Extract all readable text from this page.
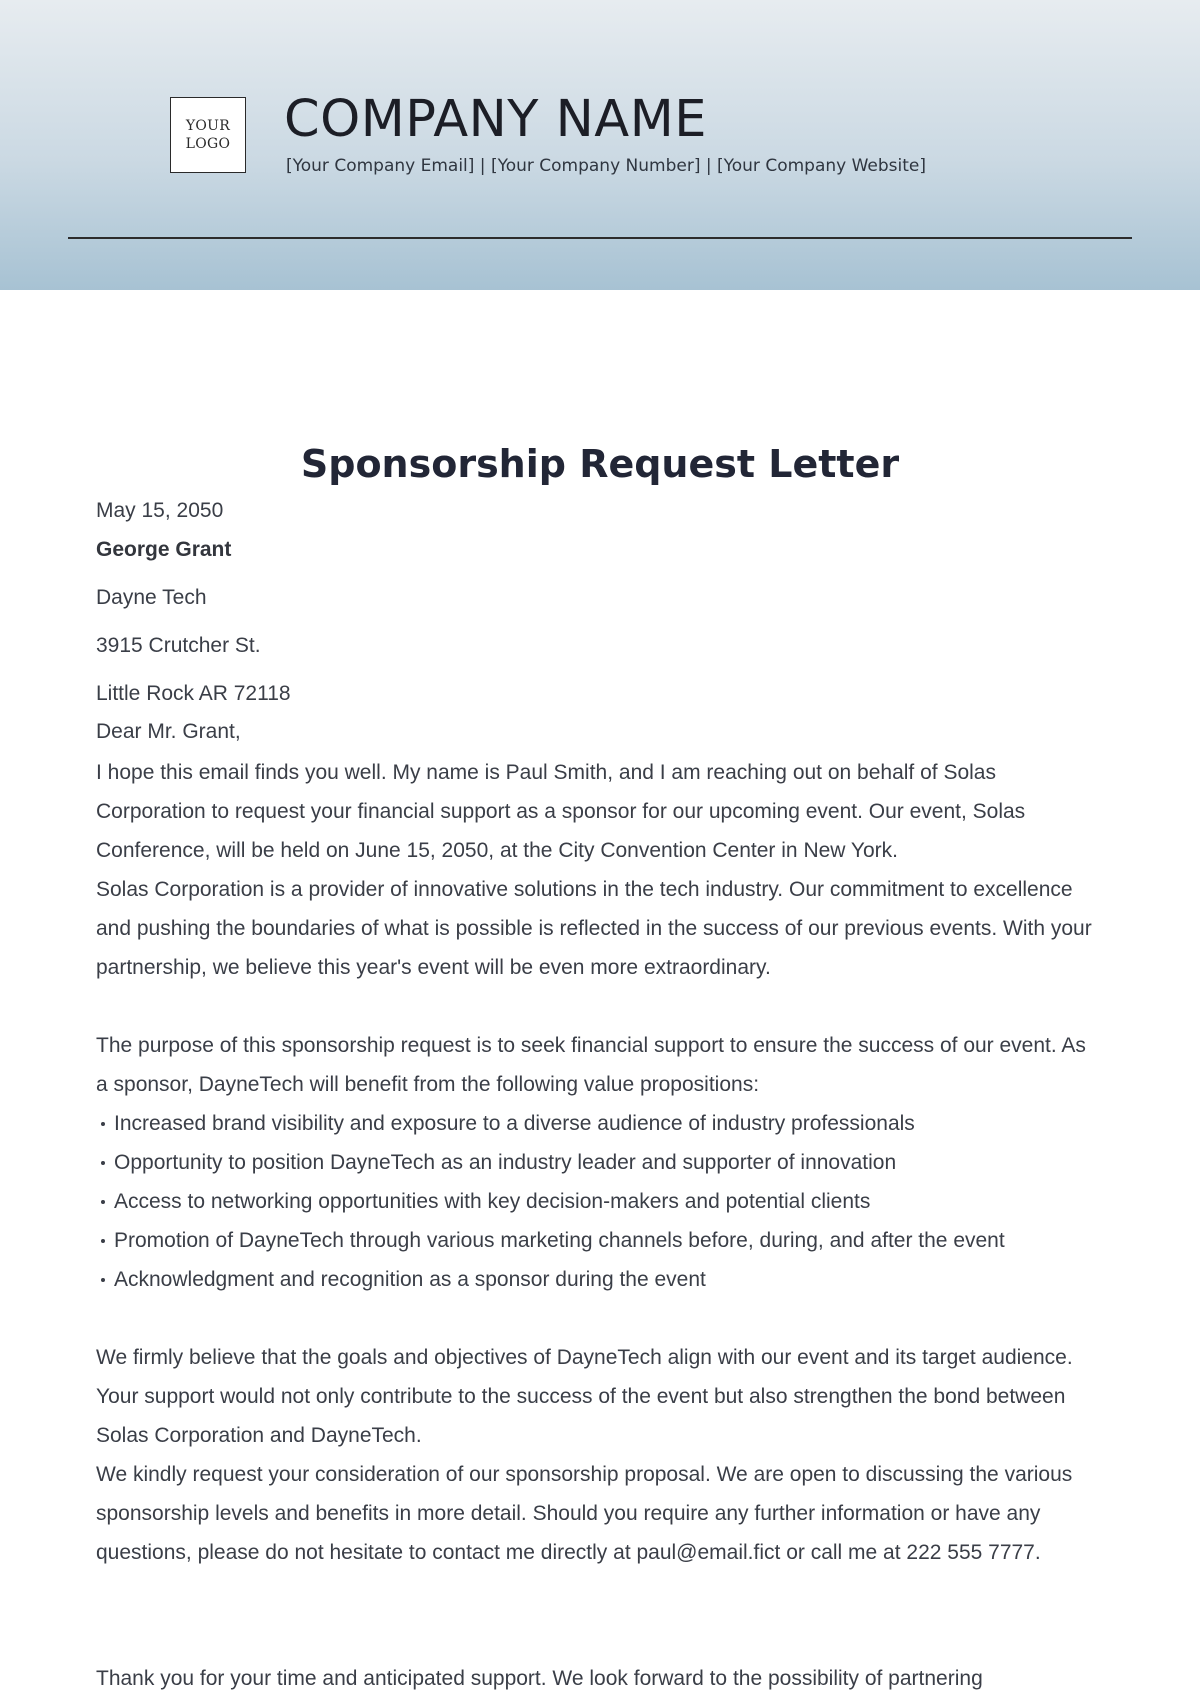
YOUR
LOGO COMPANY NAME
[Your Company Email] | [Your Company Number] | [Your Company Website]
Sponsorship Request Letter
May 15, 2050
George Grant
Dayne Tech
3915 Crutcher St.
Little Rock AR 72118
Dear Mr. Grant,

I hope this email finds you well. My name is Paul Smith, and I am reaching out on behalf of Solas Corporation to request your financial support as a sponsor for our upcoming event. Our event, Solas Conference, will be held on June 15, 2050, at the City Convention Center in New York.

Solas Corporation is a provider of innovative solutions in the tech industry. Our commitment to excellence and pushing the boundaries of what is possible is reflected in the success of our previous events. With your partnership, we believe this year's event will be even more extraordinary.

The purpose of this sponsorship request is to seek financial support to ensure the success of our event. As a sponsor, DayneTech will benefit from the following value propositions:

Increased brand visibility and exposure to a diverse audience of industry professionals
Opportunity to position DayneTech as an industry leader and supporter of innovation
Access to networking opportunities with key decision-makers and potential clients
Promotion of DayneTech through various marketing channels before, during, and after the event
Acknowledgment and recognition as a sponsor during the event

We firmly believe that the goals and objectives of DayneTech align with our event and its target audience. Your support would not only contribute to the success of the event but also strengthen the bond between Solas Corporation and DayneTech.

We kindly request your consideration of our sponsorship proposal. We are open to discussing the various sponsorship levels and benefits in more detail. Should you require any further information or have any questions, please do not hesitate to contact me directly at paul@email.fict or call me at 222 555 7777.

Thank you for your time and anticipated support. We look forward to the possibility of partnering
